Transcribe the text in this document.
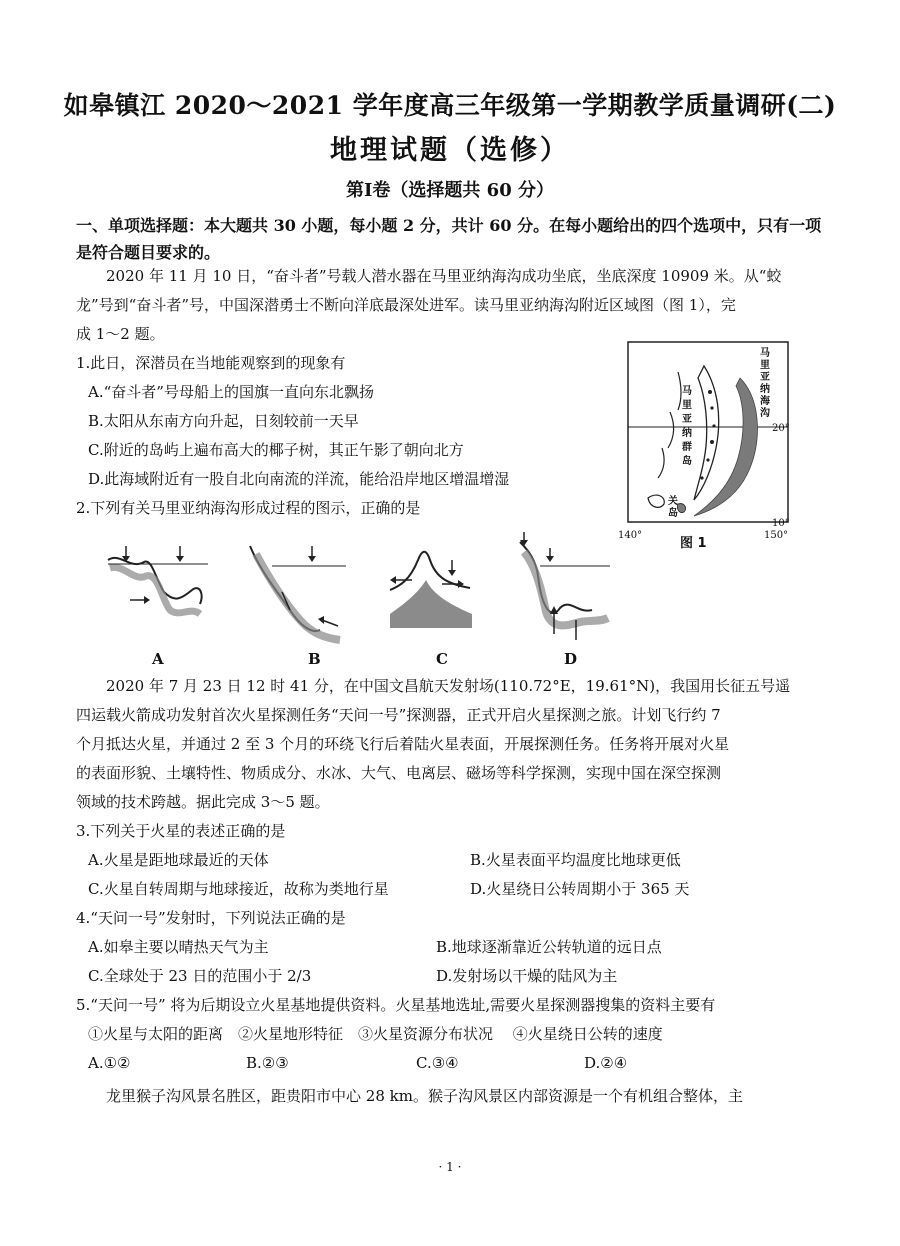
如皋镇江 2020～2021 学年度高三年级第一学期教学质量调研(二)
地理试题（选修）
第I卷（选择题共 60 分）
一、单项选择题：本大题共 30 小题，每小题 2 分，共计 60 分。在每小题给出的四个选项中，只有一项是符合题目要求的。
2020 年 11 月 10 日，“奋斗者”号载人潜水器在马里亚纳海沟成功坐底，坐底深度 10909 米。从“蛟
龙”号到“奋斗者”号，中国深潜勇士不断向洋底最深处进军。读马里亚纳海沟附近区域图（图 1），完
成 1～2 题。
1.此日，深潜员在当地能观察到的现象有
A.“奋斗者”号母船上的国旗一直向东北飘扬
B.太阳从东南方向升起，日刻较前一天早
C.附近的岛屿上遍布高大的椰子树，其正午影了朝向北方
D.此海域附近有一股自北向南流的洋流，能给沿岸地区增温增湿
2.下列有关马里亚纳海沟形成过程的图示，正确的是
马
里
亚
纳
海
沟
马
里
亚
纳
群
岛
关
岛
20°
10°
140°	150°
图 1
A	B	C	D
2020 年 7 月 23 日 12 时 41 分，在中国文昌航天发射场(110.72°E，19.61°N)，我国用长征五号遥
四运载火箭成功发射首次火星探测任务“天问一号”探测器，正式开启火星探测之旅。计划飞行约 7
个月抵达火星，并通过 2 至 3 个月的环绕飞行后着陆火星表面，开展探测任务。任务将开展对火星
的表面形貌、土壤特性、物质成分、水冰、大气、电离层、磁场等科学探测，实现中国在深空探测
领域的技术跨越。据此完成 3～5 题。
3.下列关于火星的表述正确的是
A.火星是距地球最近的天体	B.火星表面平均温度比地球更低
C.火星自转周期与地球接近，故称为类地行星	D.火星绕日公转周期小于 365 天
4.“天问一号”发射时，下列说法正确的是
A.如皋主要以晴热天气为主	B.地球逐渐靠近公转轨道的远日点
C.全球处于 23 日的范围小于 2/3	D.发射场以干燥的陆风为主
5.“天问一号” 将为后期设立火星基地提供资料。火星基地选址,需要火星探测器搜集的资料主要有
①火星与太阳的距离　②火星地形特征　③火星资源分布状况　 ④火星绕日公转的速度
A.①②	B.②③	C.③④	D.②④
龙里猴子沟风景名胜区，距贵阳市中心 28 km。猴子沟风景区内部资源是一个有机组合整体，主
· 1 ·
